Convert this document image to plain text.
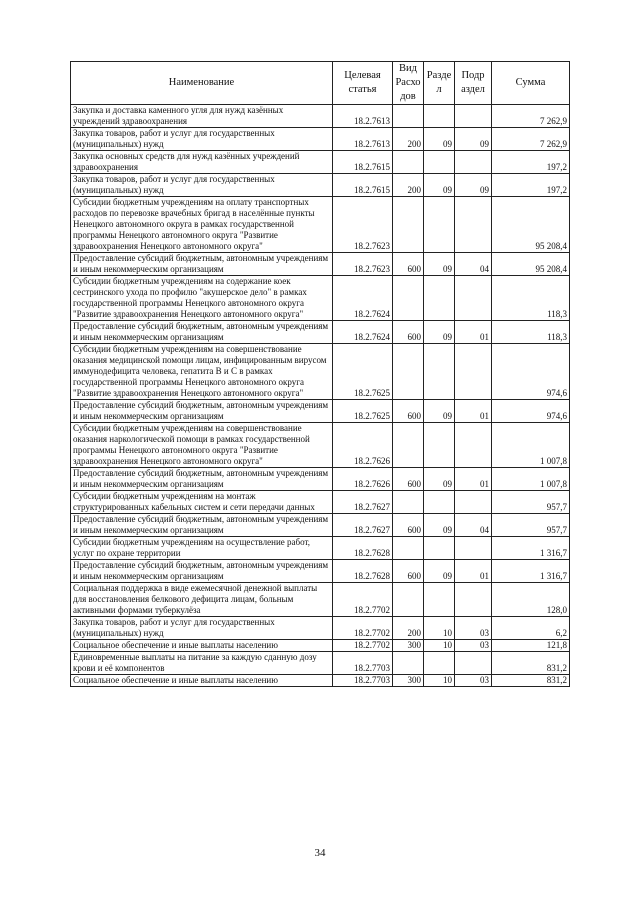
Наименование	Целевая статья	Вид Расхо дов	Разде л	Подр аздел	Сумма
Закупка и доставка каменного угля для нужд казённых учреждений здравоохранения	18.2.7613				7 262,9
Закупка товаров, работ и услуг для государственных (муниципальных) нужд	18.2.7613	200	09	09	7 262,9
Закупка основных средств для нужд казённых учреждений здравоохранения	18.2.7615				197,2
Закупка товаров, работ и услуг для государственных (муниципальных) нужд	18.2.7615	200	09	09	197,2
Субсидии бюджетным учреждениям на оплату транспортных расходов по перевозке врачебных бригад в населённые пункты Ненецкого автономного округа в рамках государственной программы Ненецкого автономного округа "Развитие здравоохранения Ненецкого автономного округа"	18.2.7623				95 208,4
Предоставление субсидий бюджетным, автономным учреждениям и иным некоммерческим организациям	18.2.7623	600	09	04	95 208,4
Субсидии бюджетным учреждениям на содержание коек сестринского ухода по профилю "акушерское дело" в рамках государственной программы Ненецкого автономного округа "Развитие здравоохранения Ненецкого автономного округа"	18.2.7624				118,3
Предоставление субсидий бюджетным, автономным учреждениям и иным некоммерческим организациям	18.2.7624	600	09	01	118,3
Субсидии бюджетным учреждениям на совершенствование оказания медицинской помощи лицам, инфицированным вирусом иммунодефицита человека, гепатита В и С в рамках государственной программы Ненецкого автономного округа "Развитие здравоохранения Ненецкого автономного округа"	18.2.7625				974,6
Предоставление субсидий бюджетным, автономным учреждениям и иным некоммерческим организациям	18.2.7625	600	09	01	974,6
Субсидии бюджетным учреждениям на совершенствование оказания наркологической помощи в рамках государственной программы Ненецкого автономного округа "Развитие здравоохранения Ненецкого автономного округа"	18.2.7626				1 007,8
Предоставление субсидий бюджетным, автономным учреждениям и иным некоммерческим организациям	18.2.7626	600	09	01	1 007,8
Субсидии бюджетным учреждениям на монтаж структурированных кабельных систем и сети передачи данных	18.2.7627				957,7
Предоставление субсидий бюджетным, автономным учреждениям и иным некоммерческим организациям	18.2.7627	600	09	04	957,7
Субсидии бюджетным учреждениям на осуществление работ, услуг по охране территории	18.2.7628				1 316,7
Предоставление субсидий бюджетным, автономным учреждениям и иным некоммерческим организациям	18.2.7628	600	09	01	1 316,7
Социальная поддержка в виде ежемесячной денежной выплаты для восстановления белкового дефицита лицам, больным активными формами туберкулёза	18.2.7702				128,0
Закупка товаров, работ и услуг для государственных (муниципальных) нужд	18.2.7702	200	10	03	6,2
Социальное обеспечение и иные выплаты населению	18.2.7702	300	10	03	121,8
Единовременные выплаты на питание за каждую сданную дозу крови и её компонентов	18.2.7703				831,2
Социальное обеспечение и иные выплаты населению	18.2.7703	300	10	03	831,2
34
